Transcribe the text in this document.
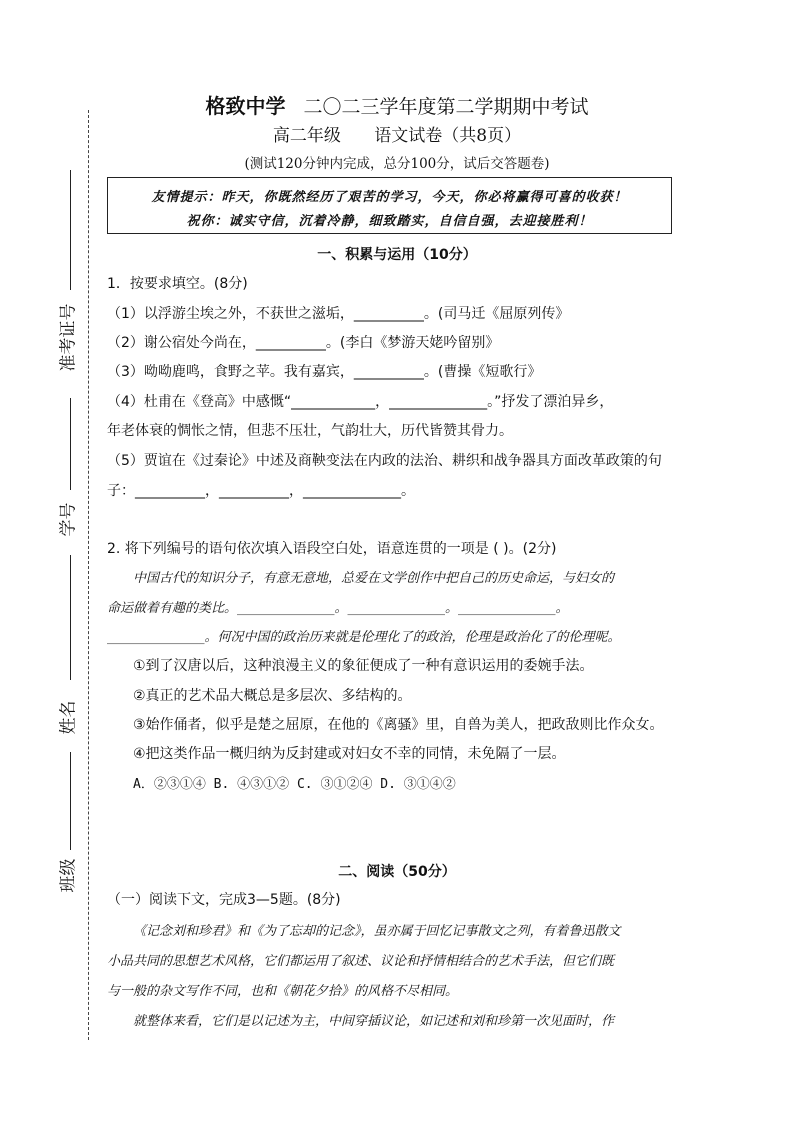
准考证号
学号
姓名
班级
格致中学 二〇二三学年度第二学期期中考试
高二年级 语文试卷（共8页）
(测试120分钟内完成，总分100分，试后交答题卷)
友情提示：昨天，你既然经历了艰苦的学习，今天，你必将赢得可喜的收获！
祝你：诚实守信，沉着冷静，细致踏实，自信自强，去迎接胜利！
一、积累与运用（10分）
1．按要求填空。(8分)
（1）以浮游尘埃之外，不获世之滋垢，__________。(司马迁《屈原列传》
（2）谢公宿处今尚在，__________。(李白《梦游天姥吟留别》
（3）呦呦鹿鸣，食野之苹。我有嘉宾，__________。(曹操《短歌行》
（4）杜甫在《登高》中感慨“____________，______________。”抒发了漂泊异乡，
年老体衰的惆怅之情，但悲不压壮，气韵壮大，历代皆赞其骨力。
（5）贾谊在《过秦论》中述及商鞅变法在内政的法治、耕织和战争器具方面改革政策的句
子：__________，__________，______________。
2. 将下列编号的语句依次填入语段空白处，语意连贯的一项是 ( )。(2分)
中国古代的知识分子，有意无意地，总爱在文学创作中把自己的历史命运，与妇女的
命运做着有趣的类比。_______________。_______________。_______________。
_______________。何况中国的政治历来就是伦理化了的政治，伦理是政治化了的伦理呢。
①到了汉唐以后，这种浪漫主义的象征便成了一种有意识运用的委婉手法。
②真正的艺术品大概总是多层次、多结构的。
③始作俑者，似乎是楚之屈原，在他的《离骚》里，自兽为美人，把政敌则比作众女。
④把这类作品一概归纳为反封建或对妇女不幸的同情，未免隔了一层。
A．②③①④ B. ④③①② C. ③①②④ D. ③①④②
二、阅读（50分）
（一）阅读下文，完成3—5题。(8分)
《记念刘和珍君》和《为了忘却的记念》，虽亦属于回忆记事散文之列，有着鲁迅散文
小品共同的思想艺术风格，它们都运用了叙述、议论和抒情相结合的艺术手法，但它们既
与一般的杂文写作不同，也和《朝花夕拾》的风格不尽相同。
就整体来看，它们是以记述为主，中间穿插议论，如记述和刘和珍第一次见面时，作
